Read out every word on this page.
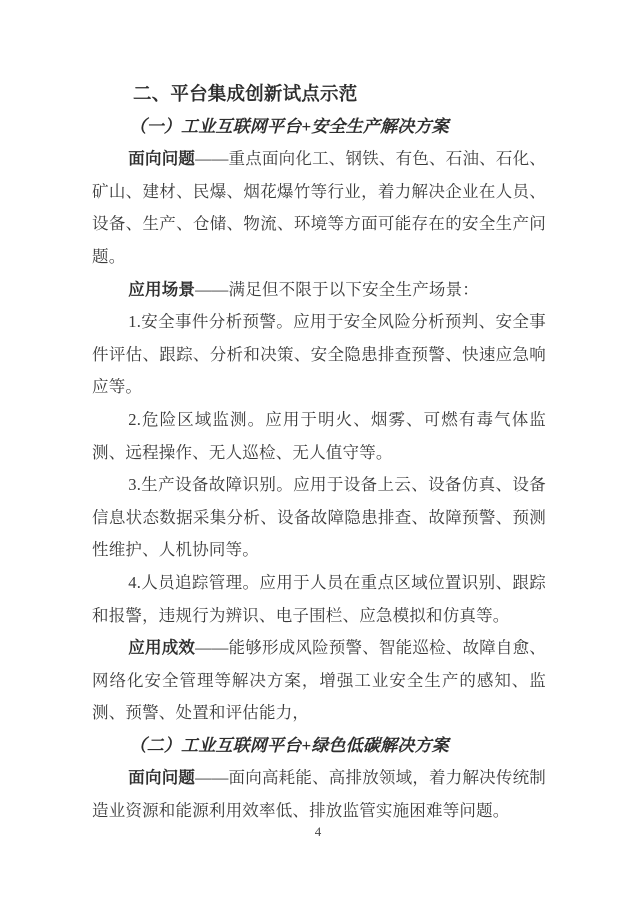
二、平台集成创新试点示范
（一）工业互联网平台+安全生产解决方案

面向问题——重点面向化工、钢铁、有色、石油、石化、矿山、建材、民爆、烟花爆竹等行业，着力解决企业在人员、设备、生产、仓储、物流、环境等方面可能存在的安全生产问题。

应用场景——满足但不限于以下安全生产场景：

1.安全事件分析预警。应用于安全风险分析预判、安全事件评估、跟踪、分析和决策、安全隐患排查预警、快速应急响应等。

2.危险区域监测。应用于明火、烟雾、可燃有毒气体监测、远程操作、无人巡检、无人值守等。

3.生产设备故障识别。应用于设备上云、设备仿真、设备信息状态数据采集分析、设备故障隐患排查、故障预警、预测性维护、人机协同等。

4.人员追踪管理。应用于人员在重点区域位置识别、跟踪和报警，违规行为辨识、电子围栏、应急模拟和仿真等。

应用成效——能够形成风险预警、智能巡检、故障自愈、网络化安全管理等解决方案，增强工业安全生产的感知、监测、预警、处置和评估能力，

（二）工业互联网平台+绿色低碳解决方案

面向问题——面向高耗能、高排放领域，着力解决传统制造业资源和能源利用效率低、排放监管实施困难等问题。

4
